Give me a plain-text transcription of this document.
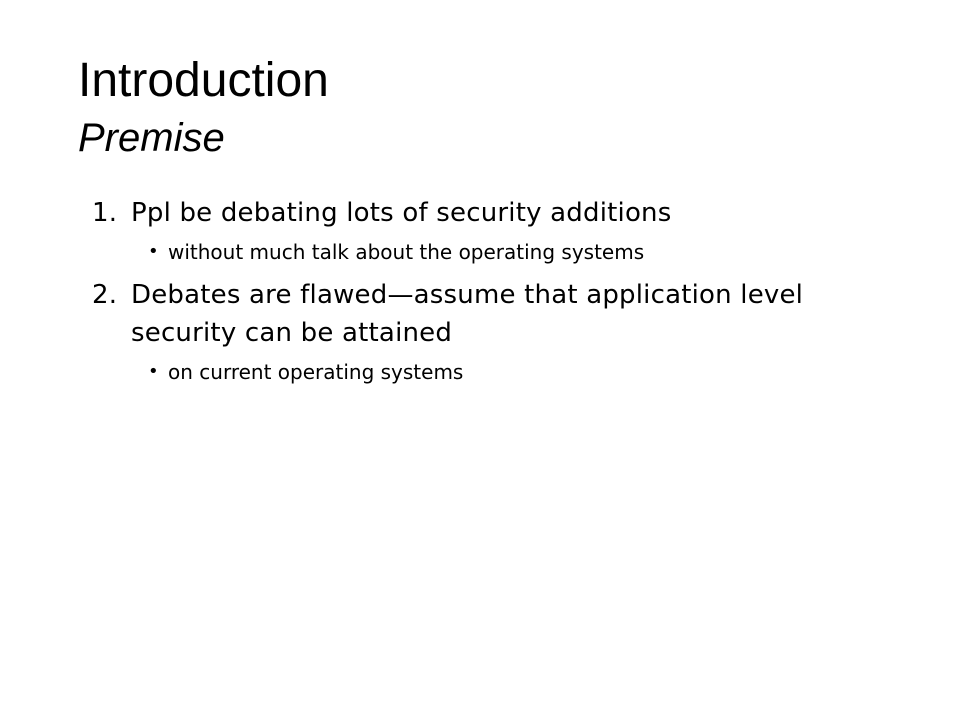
Introduction
Premise
1. Ppl be debating lots of security additions
• without much talk about the operating systems
2. Debates are flawed—assume that application level security can be attained
• on current operating systems
